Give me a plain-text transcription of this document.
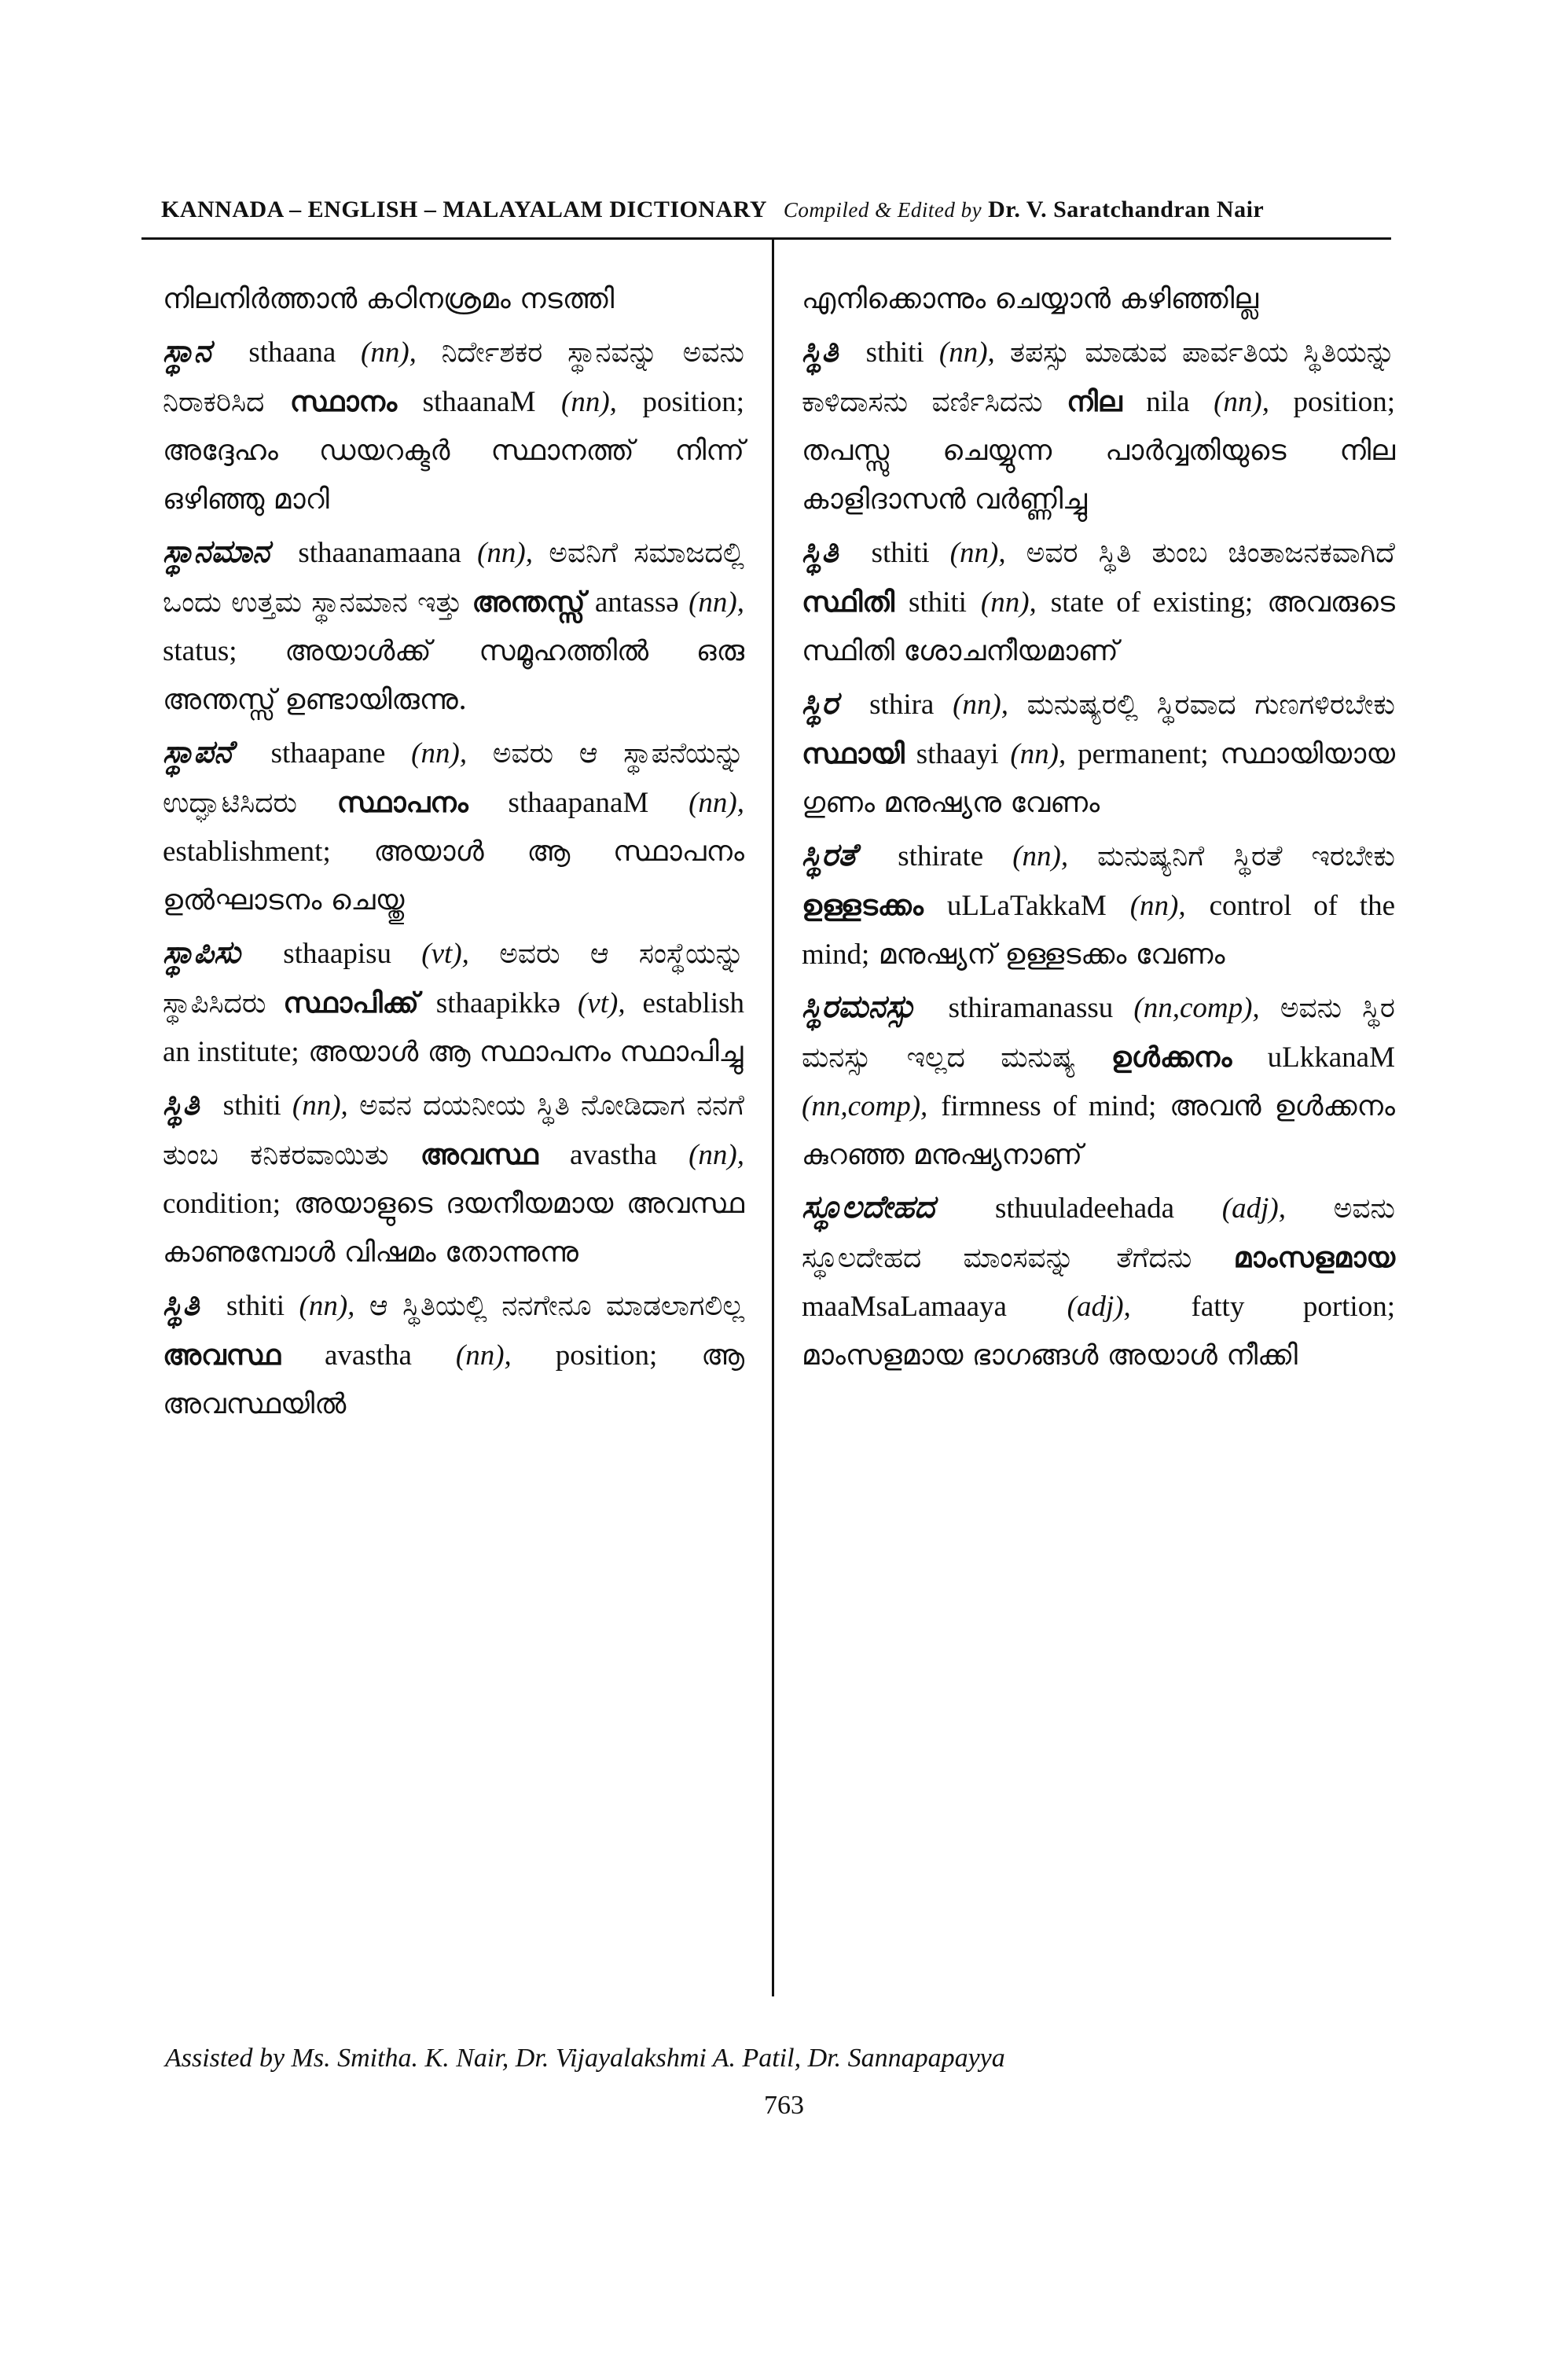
KANNADA – ENGLISH – MALAYALAM DICTIONARY Compiled & Edited by Dr. V. Saratchandran Nair
നിലനിർത്താൻ കഠിനശ്രമം നടത്തി
ಸ್ಥಾನ sthaana (nn), ನಿರ್ದೇಶಕರ ಸ್ಥಾನವನ್ನು ಅವನು ನಿರಾಕರಿಸಿದ സ്ഥാനം sthaanaM (nn), position; അദ്ദേഹം ഡയറക്ടർ സ്ഥാനത്ത് നിന്ന് ഒഴിഞ്ഞു മാറി
ಸ್ಥಾನಮಾನ sthaanamaana (nn), ಅವನಿಗೆ ಸಮಾಜದಲ್ಲಿ ಒಂದು ಉತ್ತಮ ಸ್ಥಾನಮಾನ ಇತ್ತು അന്തസ്സ് antassə (nn), status; അയാൾക്ക് സമൂഹത്തിൽ ഒരു അന്തസ്സ് ഉണ്ടായിരുന്നു.
ಸ್ಥಾಪನೆ sthaapane (nn), ಅವರು ಆ ಸ್ಥಾಪನೆಯನ್ನು ಉದ್ಘಾಟಿಸಿದರು സ്ഥാപനം sthaapanaM (nn), establishment; അയാൾ ആ സ്ഥാപനം ഉൽഘാടനം ചെയ്തു
ಸ್ಥಾಪಿಸು sthaapisu (vt), ಅವರು ಆ ಸಂಸ್ಥೆಯನ್ನು ಸ್ಥಾಪಿಸಿದರು സ്ഥാപിക്ക് sthaapikkə (vt), establish an institute; അയാൾ ആ സ്ഥാപനം സ്ഥാപിച്ചു
ಸ್ಥಿತಿ sthiti (nn), ಅವನ ದಯನೀಯ ಸ್ಥಿತಿ ನೋಡಿದಾಗ ನನಗೆ ತುಂಬ ಕನಿಕರವಾಯಿತು അവസ്ഥ avastha (nn), condition; അയാളുടെ ദയനീയമായ അവസ്ഥ കാണുമ്പോൾ വിഷമം തോന്നുന്നു
ಸ್ಥಿತಿ sthiti (nn), ಆ ಸ್ಥಿತಿಯಲ್ಲಿ ನನಗೇನೂ ಮಾಡಲಾಗಲಿಲ್ಲ അവസ്ഥ avastha (nn), position; ആ അവസ്ഥയിൽ
എനിക്കൊന്നും ചെയ്യാൻ കഴിഞ്ഞില്ല
ಸ್ಥಿತಿ sthiti (nn), ತಪಸ್ಸು ಮಾಡುವ ಪಾರ್ವತಿಯ ಸ್ಥಿತಿಯನ್ನು ಕಾಳಿದಾಸನು ವರ್ಣಿಸಿದನು നില nila (nn), position; തപസ്സു ചെയ്യുന്ന പാർവ്വതിയുടെ നില കാളിദാസൻ വർണ്ണിച്ചു
ಸ್ಥಿತಿ sthiti (nn), ಅವರ ಸ್ಥಿತಿ ತುಂಬ ಚಿಂತಾಜನಕವಾಗಿದೆ സ്ഥിതി sthiti (nn), state of existing; അവരുടെ സ്ഥിതി ശോചനീയമാണ്
ಸ್ಥಿರ sthira (nn), ಮನುಷ್ಯರಲ್ಲಿ ಸ್ಥಿರವಾದ ಗುಣಗಳಿರಬೇಕು സ്ഥായി sthaayi (nn), permanent; സ്ഥായിയായ ഗുണം മനുഷ്യനു വേണം
ಸ್ಥಿರತೆ sthirate (nn), ಮನುಷ್ಯನಿಗೆ ಸ್ಥಿರತೆ ಇರಬೇಕು ഉള്ളടക്കം uLLaTakkaM (nn), control of the mind; മനുഷ്യന് ഉള്ളടക്കം വേണം
ಸ್ಥಿರಮನಸ್ಸು sthiramanassu (nn,comp), ಅವನು ಸ್ಥಿರ ಮನಸ್ಸು ಇಲ್ಲದ ಮನುಷ್ಯ ഉൾക്കനം uLkkanaM (nn,comp), firmness of mind; അവൻ ഉൾക്കനം കുറഞ്ഞ മനുഷ്യനാണ്
ಸ್ಥೂಲದೇಹದ sthuuladeehada (adj), ಅವನು ಸ್ಥೂಲದೇಹದ ಮಾಂಸವನ್ನು ತೆಗೆದನು മാംസളമായ maaMsaLamaaya (adj), fatty portion; മാംസളമായ ഭാഗങ്ങൾ അയാൾ നീക്കി
Assisted by Ms. Smitha. K. Nair, Dr. Vijayalakshmi A. Patil, Dr. Sannapapayya
763
